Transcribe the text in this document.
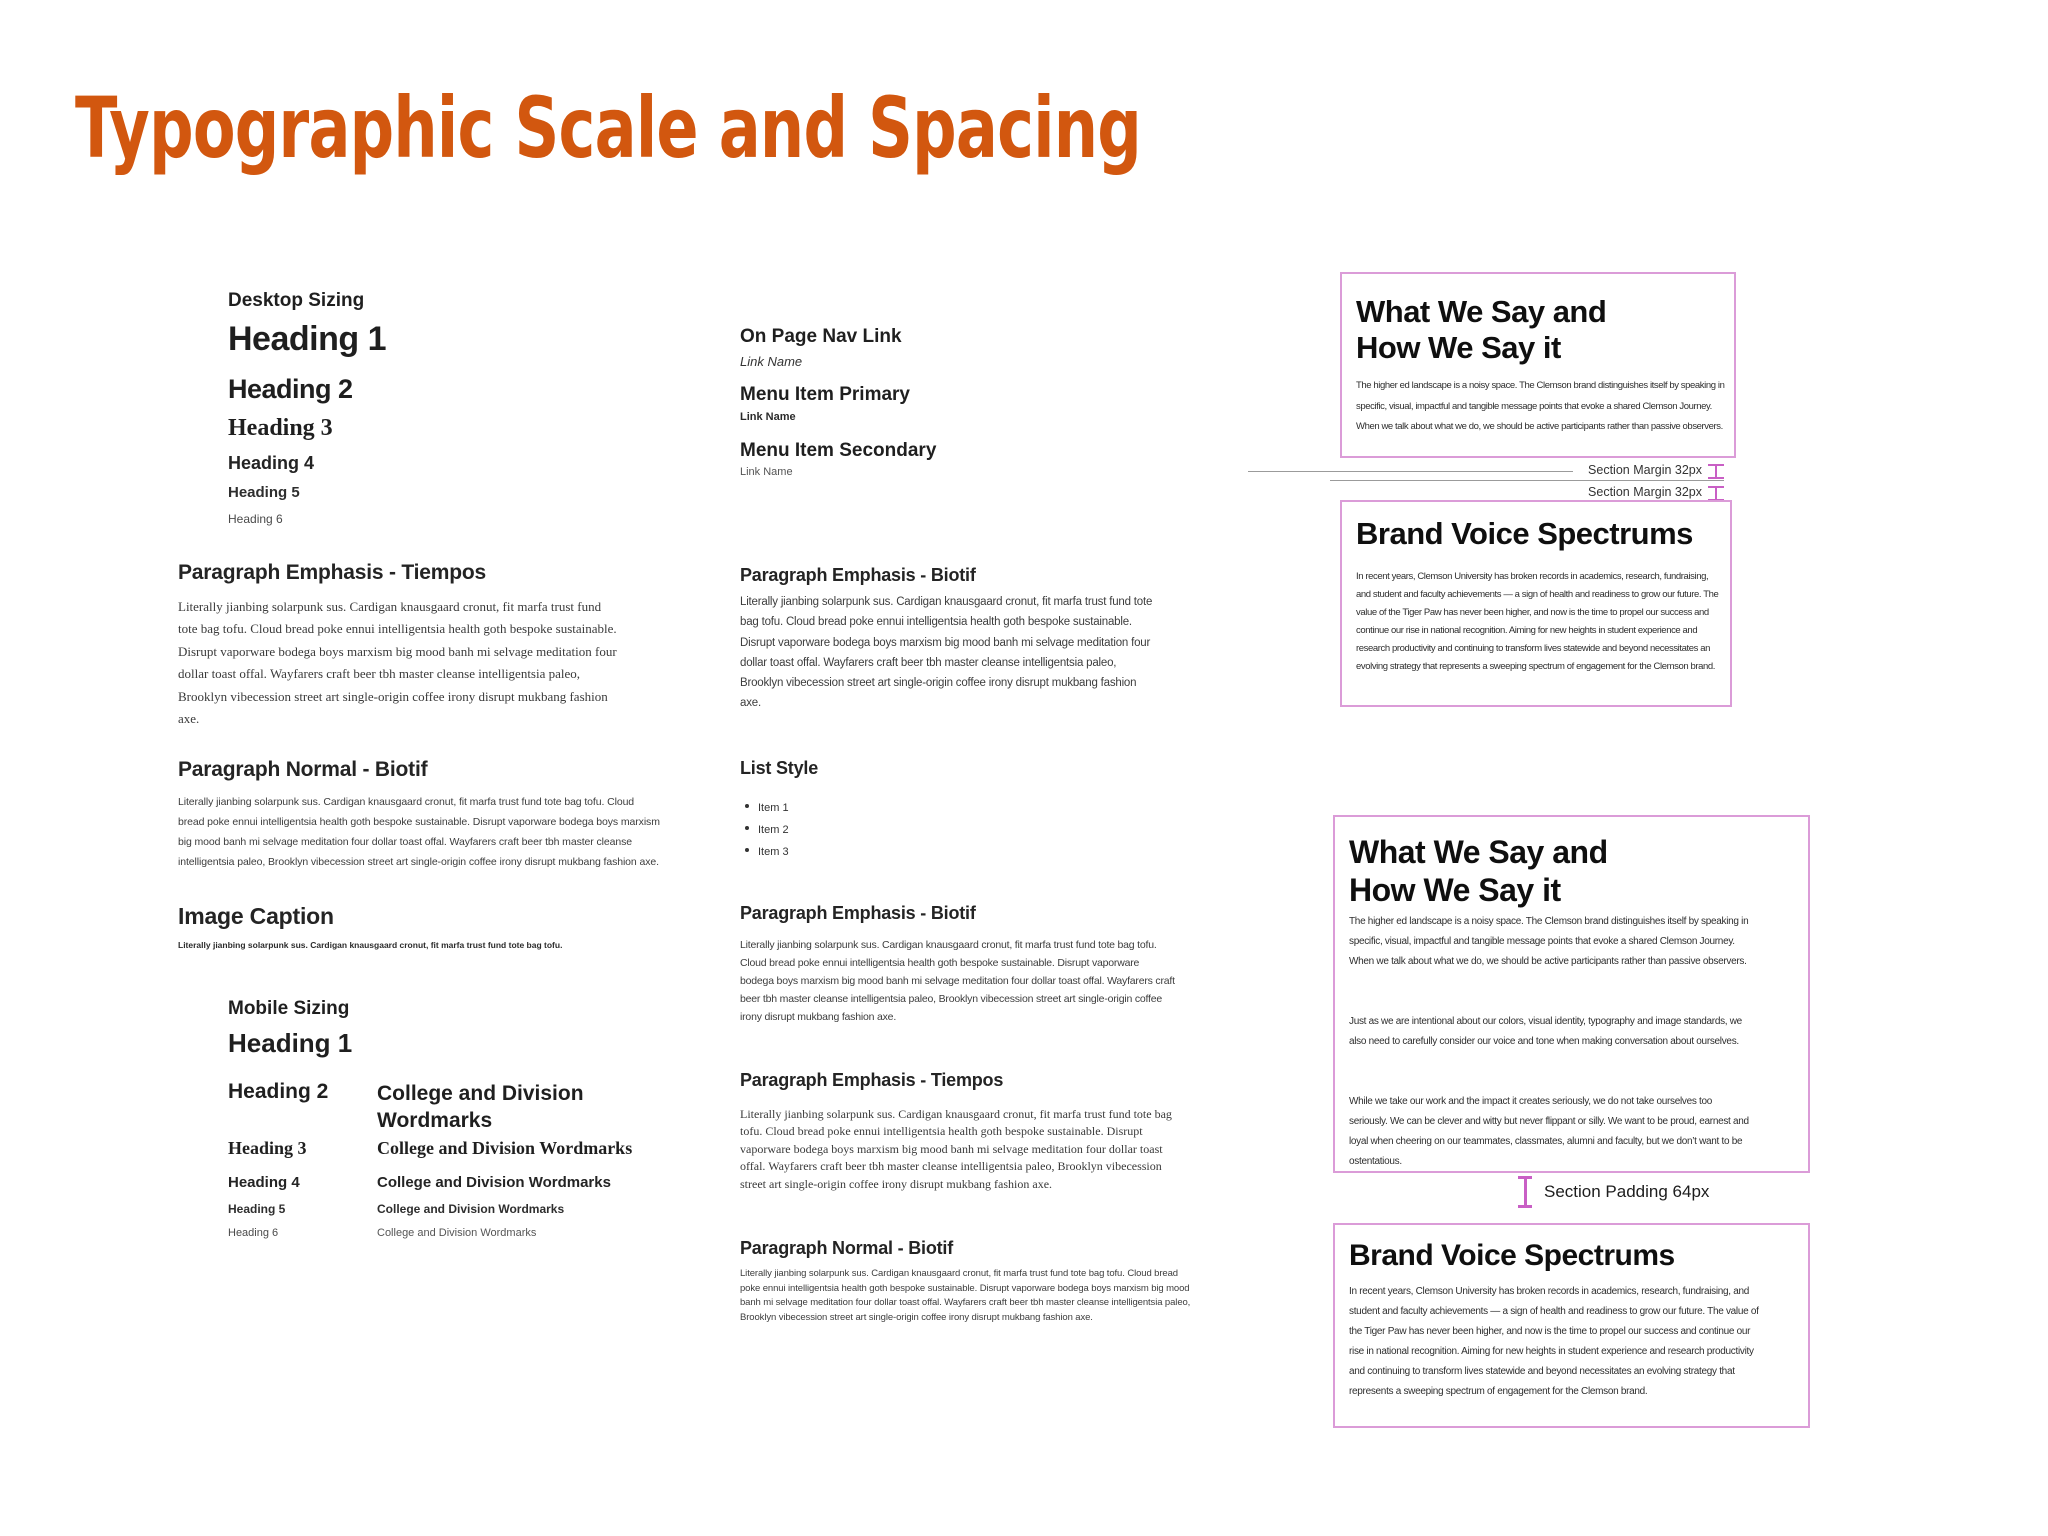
Typographic Scale and Spacing
Desktop Sizing
Heading 1
Heading 2
Heading 3
Heading 4
Heading 5
Heading 6
Paragraph Emphasis - Tiempos
Literally jianbing solarpunk sus. Cardigan knausgaard cronut, fit marfa trust fund tote bag tofu. Cloud bread poke ennui intelligentsia health goth bespoke sustainable. Disrupt vaporware bodega boys marxism big mood banh mi selvage meditation four dollar toast offal. Wayfarers craft beer tbh master cleanse intelligentsia paleo, Brooklyn vibecession street art single-origin coffee irony disrupt mukbang fashion axe.
Paragraph Normal - Biotif
Literally jianbing solarpunk sus. Cardigan knausgaard cronut, fit marfa trust fund tote bag tofu. Cloud bread poke ennui intelligentsia health goth bespoke sustainable. Disrupt vaporware bodega boys marxism big mood banh mi selvage meditation four dollar toast offal. Wayfarers craft beer tbh master cleanse intelligentsia paleo, Brooklyn vibecession street art single-origin coffee irony disrupt mukbang fashion axe.
Image Caption
Literally jianbing solarpunk sus. Cardigan knausgaard cronut, fit marfa trust fund tote bag tofu.
Mobile Sizing
Heading 1
Heading 2 College and Division Wordmarks
Heading 3	College and Division Wordmarks
Heading 4	College and Division Wordmarks
Heading 5	College and Division Wordmarks
Heading 6	College and Division Wordmarks
On Page Nav Link
Link Name
Menu Item Primary
Link Name
Menu Item Secondary
Link Name
Paragraph Emphasis - Biotif
Literally jianbing solarpunk sus. Cardigan knausgaard cronut, fit marfa trust fund tote bag tofu. Cloud bread poke ennui intelligentsia health goth bespoke sustainable. Disrupt vaporware bodega boys marxism big mood banh mi selvage meditation four dollar toast offal. Wayfarers craft beer tbh master cleanse intelligentsia paleo, Brooklyn vibecession street art single-origin coffee irony disrupt mukbang fashion axe.
List Style
Item 1
Item 2
Item 3
Paragraph Emphasis - Biotif
Literally jianbing solarpunk sus. Cardigan knausgaard cronut, fit marfa trust fund tote bag tofu. Cloud bread poke ennui intelligentsia health goth bespoke sustainable. Disrupt vaporware bodega boys marxism big mood banh mi selvage meditation four dollar toast offal. Wayfarers craft beer tbh master cleanse intelligentsia paleo, Brooklyn vibecession street art single-origin coffee irony disrupt mukbang fashion axe.
Paragraph Emphasis - Tiempos
Literally jianbing solarpunk sus. Cardigan knausgaard cronut, fit marfa trust fund tote bag tofu. Cloud bread poke ennui intelligentsia health goth bespoke sustainable. Disrupt vaporware bodega boys marxism big mood banh mi selvage meditation four dollar toast offal. Wayfarers craft beer tbh master cleanse intelligentsia paleo, Brooklyn vibecession street art single-origin coffee irony disrupt mukbang fashion axe.
Paragraph Normal - Biotif
Literally jianbing solarpunk sus. Cardigan knausgaard cronut, fit marfa trust fund tote bag tofu. Cloud bread poke ennui intelligentsia health goth bespoke sustainable. Disrupt vaporware bodega boys marxism big mood banh mi selvage meditation four dollar toast offal. Wayfarers craft beer tbh master cleanse intelligentsia paleo, Brooklyn vibecession street art single-origin coffee irony disrupt mukbang fashion axe.
What We Say and
How We Say it
The higher ed landscape is a noisy space. The Clemson brand distinguishes itself by speaking in specific, visual, impactful and tangible message points that evoke a shared Clemson Journey. When we talk about what we do, we should be active participants rather than passive observers.
Section Margin 32px
Section Margin 32px
Brand Voice Spectrums
In recent years, Clemson University has broken records in academics, research, fundraising, and student and faculty achievements — a sign of health and readiness to grow our future. The value of the Tiger Paw has never been higher, and now is the time to propel our success and continue our rise in national recognition. Aiming for new heights in student experience and research productivity and continuing to transform lives statewide and beyond necessitates an evolving strategy that represents a sweeping spectrum of engagement for the Clemson brand.
What We Say and
How We Say it
The higher ed landscape is a noisy space. The Clemson brand distinguishes itself by speaking in specific, visual, impactful and tangible message points that evoke a shared Clemson Journey. When we talk about what we do, we should be active participants rather than passive observers.
Just as we are intentional about our colors, visual identity, typography and image standards, we also need to carefully consider our voice and tone when making conversation about ourselves.
While we take our work and the impact it creates seriously, we do not take ourselves too seriously. We can be clever and witty but never flippant or silly. We want to be proud, earnest and loyal when cheering on our teammates, classmates, alumni and faculty, but we don’t want to be ostentatious.
Section Padding 64px
Brand Voice Spectrums
In recent years, Clemson University has broken records in academics, research, fundraising, and student and faculty achievements — a sign of health and readiness to grow our future. The value of the Tiger Paw has never been higher, and now is the time to propel our success and continue our rise in national recognition. Aiming for new heights in student experience and research productivity and continuing to transform lives statewide and beyond necessitates an evolving strategy that represents a sweeping spectrum of engagement for the Clemson brand.
